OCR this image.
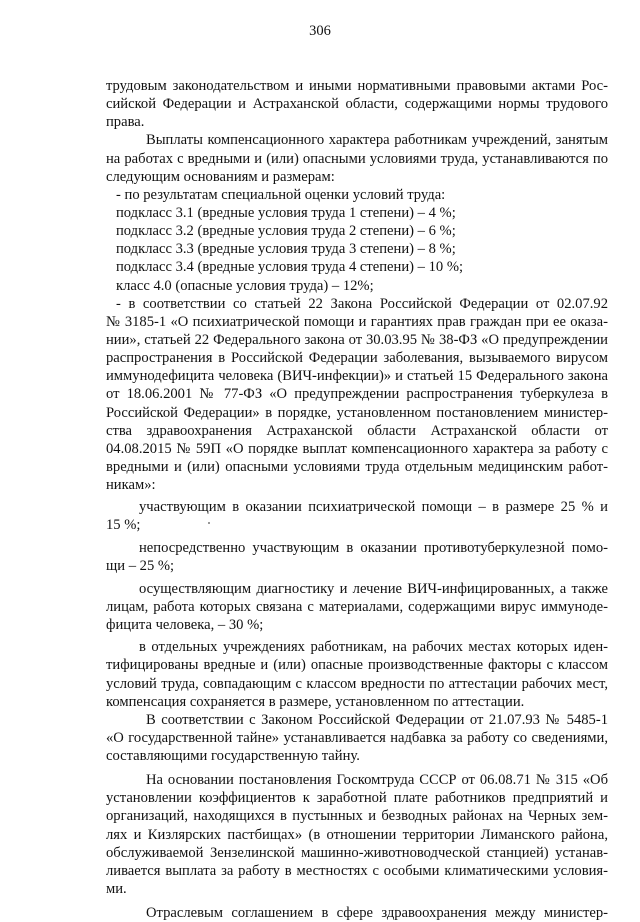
306
трудовым законодательством и иными нормативными правовыми актами Рос-
сийской Федерации и Астраханской области, содержащими нормы трудового
права.
Выплаты компенсационного характера работникам учреждений, занятым
на работах с вредными и (или) опасными условиями труда, устанавливаются по
следующим основаниям и размерам:
- по результатам специальной оценки условий труда:
подкласс 3.1 (вредные условия труда 1 степени) – 4 %;
подкласс 3.2 (вредные условия труда 2 степени) – 6 %;
подкласс 3.3 (вредные условия труда 3 степени) – 8 %;
подкласс 3.4 (вредные условия труда 4 степени) – 10 %;
класс 4.0 (опасные условия труда) – 12%;
- в соответствии со статьей 22 Закона Российской Федерации от 02.07.92
№ 3185-1 «О психиатрической помощи и гарантиях прав граждан при ее оказа-
нии», статьей 22 Федерального закона от 30.03.95 № 38-ФЗ «О предупреждении
распространения в Российской Федерации заболевания, вызываемого вирусом
иммунодефицита человека (ВИЧ-инфекции)» и статьей 15 Федерального закона
от 18.06.2001 № 77-ФЗ «О предупреждении распространения туберкулеза в
Российской Федерации» в порядке, установленном постановлением министер-
ства здравоохранения Астраханской области Астраханской области от
04.08.2015 № 59П «О порядке выплат компенсационного характера за работу с
вредными и (или) опасными условиями труда отдельным медицинским работ-
никам»:
участвующим в оказании психиатрической помощи – в размере 25 % и
15 %;
непосредственно участвующим в оказании противотуберкулезной помо-
щи – 25 %;
осуществляющим диагностику и лечение ВИЧ-инфицированных, а также
лицам, работа которых связана с материалами, содержащими вирус иммуноде-
фицита человека, – 30 %;
в отдельных учреждениях работникам, на рабочих местах которых иден-
тифицированы вредные и (или) опасные производственные факторы с классом
условий труда, совпадающим с классом вредности по аттестации рабочих мест,
компенсация сохраняется в размере, установленном по аттестации.
В соответствии с Законом Российской Федерации от 21.07.93 № 5485-1
«О государственной тайне» устанавливается надбавка за работу со сведениями,
составляющими государственную тайну.
На основании постановления Госкомтруда СССР от 06.08.71 № 315 «Об
установлении коэффициентов к заработной плате работников предприятий и
организаций, находящихся в пустынных и безводных районах на Черных зем-
лях и Кизлярских пастбищах» (в отношении территории Лиманского района,
обслуживаемой Зензелинской машинно-животноводческой станцией) устанав-
ливается выплата за работу в местностях с особыми климатическими условия-
ми.
Отраслевым соглашением в сфере здравоохранения между министер-
